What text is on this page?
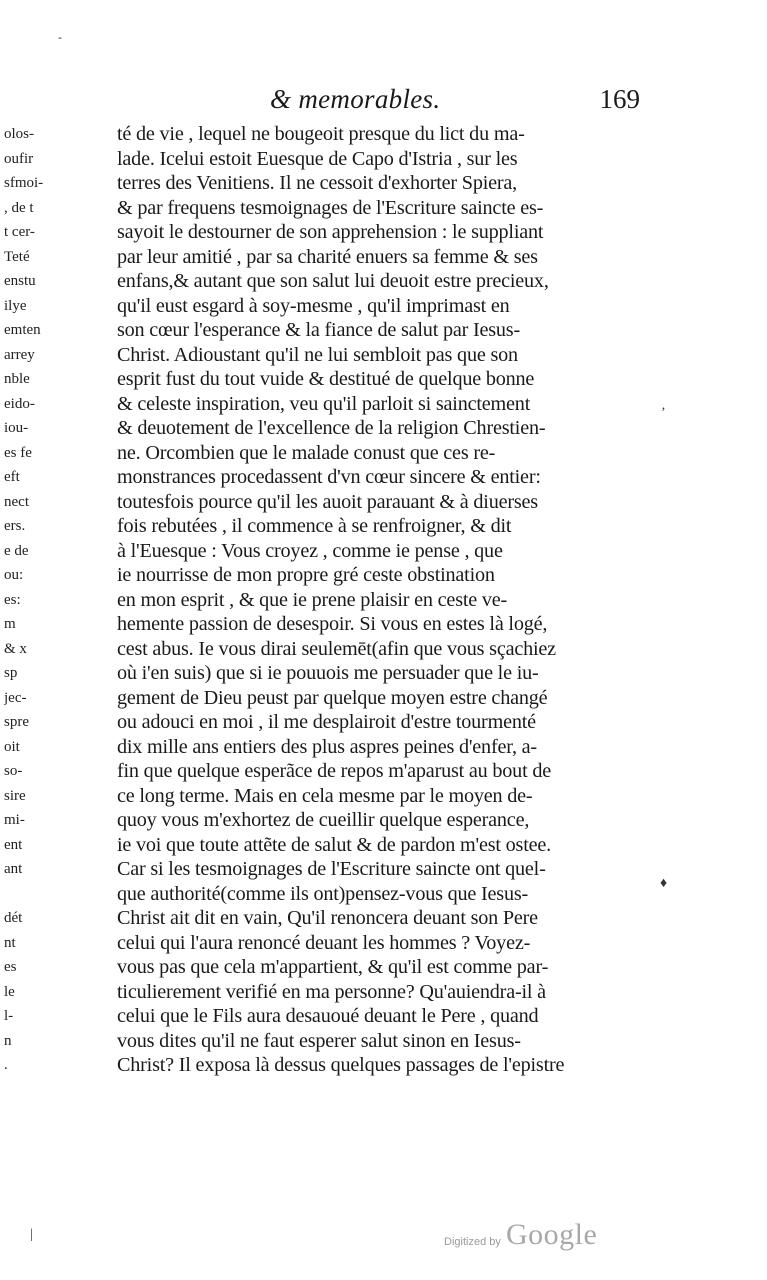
& memorables.	169
olos-
oufir
sfmoi-
, de t
t cer-
Teté
enstu
ilye
emten
arrey
nble
eido-
iou-
es fe
eft
nect
ers.
e de
ou:
es:
m
& x
sp
jec-
spre
oit
so-
sire
mi-
ent
ant
dét
nt
es
le
l-
n
.
té de vie , lequel ne bougeoit presque du lict du ma-
lade. Icelui estoit Euesque de Capo d'Istria , sur les
terres des Venitiens. Il ne cessoit d'exhorter Spiera,
& par frequens tesmoignages de l'Escriture saincte es-
sayoit le destourner de son apprehension : le suppliant
par leur amitié , par sa charité enuers sa femme & ses
enfans,& autant que son salut lui deuoit estre precieux,
qu'il eust esgard à soy-mesme , qu'il imprimast en
son cœur l'esperance & la fiance de salut par Iesus-
Christ. Adioustant qu'il ne lui sembloit pas que son
esprit fust du tout vuide & destitué de quelque bonne
& celeste inspiration, veu qu'il parloit si sainctement
& deuotement de l'excellence de la religion Chrestien-
ne. Orcombien que le malade conust que ces re-
monstrances procedassent d'vn cœur sincere & entier:
toutesfois pource qu'il les auoit parauant & à diuerses
fois rebutées , il commence à se renfroigner, & dit
à l'Euesque : Vous croyez , comme ie pense , que
ie nourrisse de mon propre gré ceste obstination
en mon esprit , & que ie prene plaisir en ceste ve-
hemente passion de desespoir. Si vous en estes là logé,
cest abus. Ie vous dirai seulemēt(afin que vous sçachiez
où i'en suis) que si ie pouuois me persuader que le iu-
gement de Dieu peust par quelque moyen estre changé
ou adouci en moi , il me desplairoit d'estre tourmenté
dix mille ans entiers des plus aspres peines d'enfer, a-
fin que quelque esperãce de repos m'aparust au bout de
ce long terme. Mais en cela mesme par le moyen de-
quoy vous m'exhortez de cueillir quelque esperance,
ie voi que toute attẽte de salut & de pardon m'est ostee.
Car si les tesmoignages de l'Escriture saincte ont quel-
que authorité(comme ils ont)pensez-vous que Iesus-
Christ ait dit en vain, Qu'il renoncera deuant son Pere
celui qui l'aura renoncé deuant les hommes ? Voyez-
vous pas que cela m'appartient, & qu'il est comme par-
ticulierement verifié en ma personne? Qu'auiendra-il à
celui que le Fils aura desauoué deuant le Pere , quand
vous dites qu'il ne faut esperer salut sinon en Iesus-
Christ? Il exposa là dessus quelques passages de l'epistre
-
‚
♦
|	Digitized by Google
